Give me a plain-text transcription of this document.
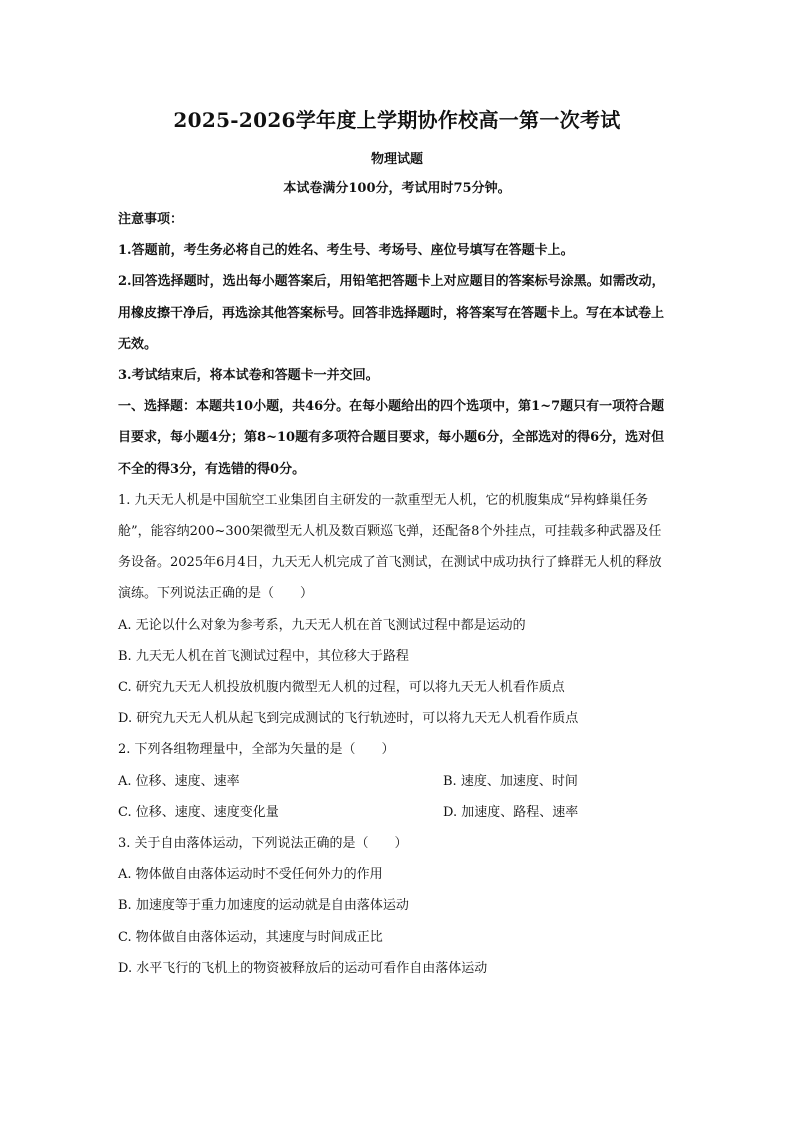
2025-2026学年度上学期协作校高一第一次考试
物理试题
本试卷满分100分，考试用时75分钟。

注意事项：

1.答题前，考生务必将自己的姓名、考生号、考场号、座位号填写在答题卡上。

2.回答选择题时，选出每小题答案后，用铅笔把答题卡上对应题目的答案标号涂黑。如需改动，用橡皮擦干净后，再选涂其他答案标号。回答非选择题时，将答案写在答题卡上。写在本试卷上无效。

3.考试结束后，将本试卷和答题卡一并交回。

一、选择题：本题共10小题，共46分。在每小题给出的四个选项中，第1~7题只有一项符合题目要求，每小题4分；第8~10题有多项符合题目要求，每小题6分，全部选对的得6分，选对但不全的得3分，有选错的得0分。

1. 九天无人机是中国航空工业集团自主研发的一款重型无人机，它的机腹集成“异构蜂巢任务舱”，能容纳200~300架微型无人机及数百颗巡飞弹，还配备8个外挂点，可挂载多种武器及任务设备。2025年6月4日，九天无人机完成了首飞测试，在测试中成功执行了蜂群无人机的释放演练。下列说法正确的是（　　）

A. 无论以什么对象为参考系，九天无人机在首飞测试过程中都是运动的

B. 九天无人机在首飞测试过程中，其位移大于路程

C. 研究九天无人机投放机腹内微型无人机的过程，可以将九天无人机看作质点

D. 研究九天无人机从起飞到完成测试的飞行轨迹时，可以将九天无人机看作质点

2. 下列各组物理量中，全部为矢量的是（　　）

A. 位移、速度、速率	B. 速度、加速度、时间
C. 位移、速度、速度变化量	D. 加速度、路程、速率

3. 关于自由落体运动，下列说法正确的是（　　）

A. 物体做自由落体运动时不受任何外力的作用

B. 加速度等于重力加速度的运动就是自由落体运动

C. 物体做自由落体运动，其速度与时间成正比

D. 水平飞行的飞机上的物资被释放后的运动可看作自由落体运动
